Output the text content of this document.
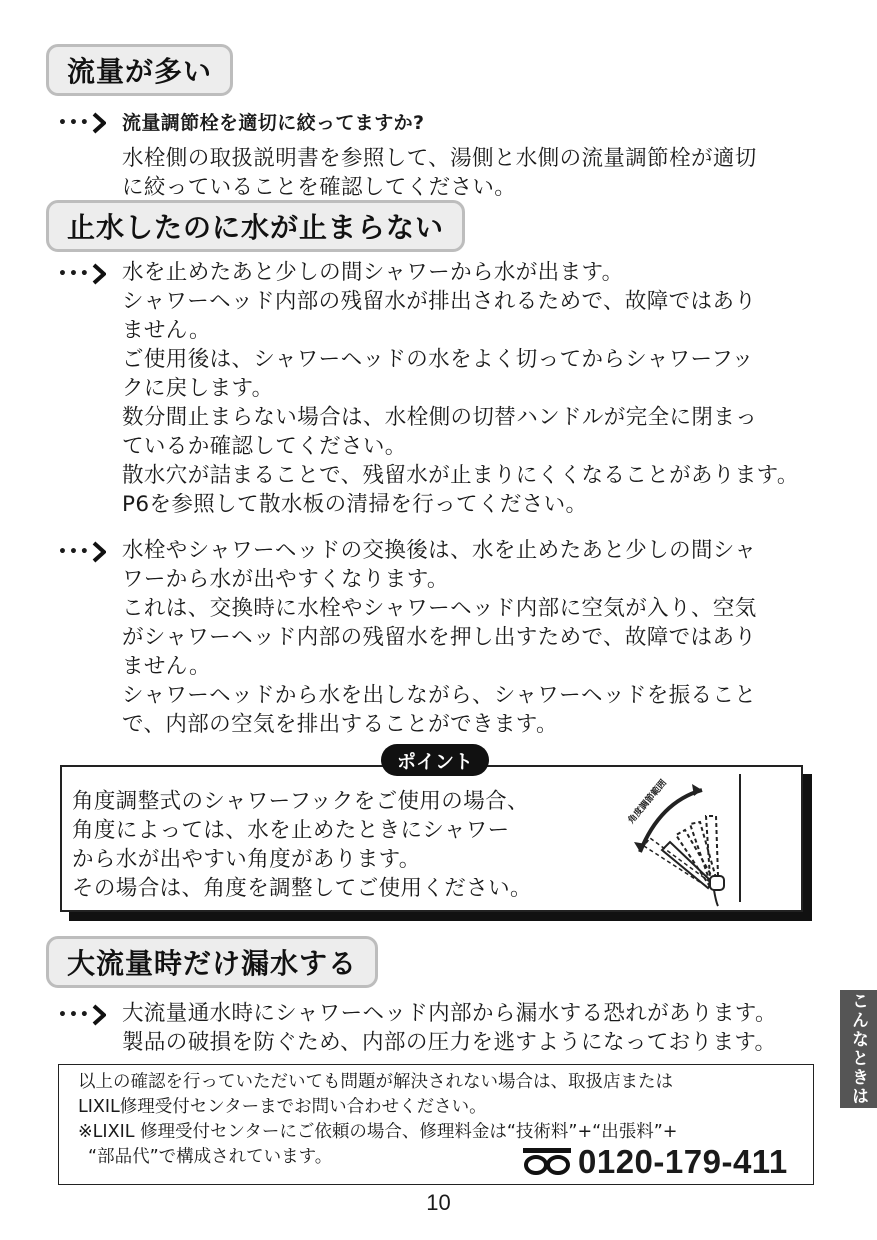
流量が多い
••• 流量調節栓を適切に絞ってますか?

水栓側の取扱説明書を参照して、湯側と水側の流量調節栓が適切

に絞っていることを確認してください。

止水したのに水が止まらない
••• 水を止めたあと少しの間シャワーから水が出ます。

シャワーヘッド内部の残留水が排出されるためで、故障ではあり

ません。

ご使用後は、シャワーヘッドの水をよく切ってからシャワーフッ

クに戻します。

数分間止まらない場合は、水栓側の切替ハンドルが完全に閉まっ

ているか確認してください。

散水穴が詰まることで、残留水が止まりにくくなることがあります。

P6を参照して散水板の清掃を行ってください。

••• 水栓やシャワーヘッドの交換後は、水を止めたあと少しの間シャ

ワーから水が出やすくなります。

これは、交換時に水栓やシャワーヘッド内部に空気が入り、空気

がシャワーヘッド内部の残留水を押し出すためで、故障ではあり

ません。

シャワーヘッドから水を出しながら、シャワーヘッドを振ること

で、内部の空気を排出することができます。

ポイント

角度調整式のシャワーフックをご使用の場合、

角度によっては、水を止めたときにシャワー

から水が出やすい角度があります。

その場合は、角度を調整してご使用ください。

角度調節範囲
大流量時だけ漏水する
••• 大流量通水時にシャワーヘッド内部から漏水する恐れがあります。

製品の破損を防ぐため、内部の圧力を逃すようになっております。

以上の確認を行っていただいても問題が解決されない場合は、取扱店または

LIXIL修理受付センターまでお問い合わせください。

※LIXIL 修理受付センターにご依頼の場合、修理料金は“技術料”+“出張料”+

“部品代”で構成されています。	0120-179-411
こんなときは
10
